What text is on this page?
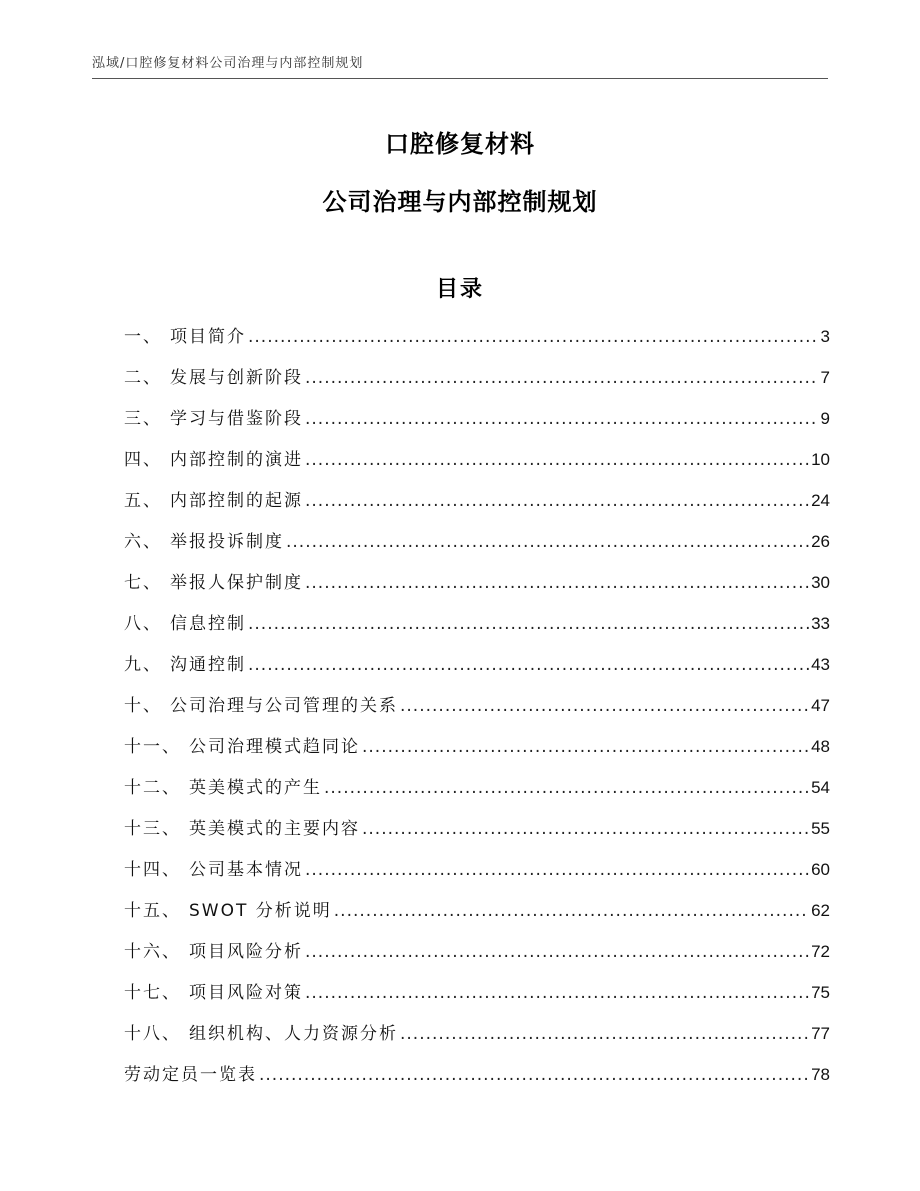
泓域/口腔修复材料公司治理与内部控制规划
口腔修复材料
公司治理与内部控制规划
目录
一、 项目简介 .....	3
二、 发展与创新阶段 .....	7
三、 学习与借鉴阶段 .....	9
四、 内部控制的演进 .....	10
五、 内部控制的起源 .....	24
六、 举报投诉制度 .....	26
七、 举报人保护制度 .....	30
八、 信息控制 .....	33
九、 沟通控制 .....	43
十、 公司治理与公司管理的关系 .....	47
十一、 公司治理模式趋同论 .....	48
十二、 英美模式的产生 .....	54
十三、 英美模式的主要内容 .....	55
十四、 公司基本情况 .....	60
十五、 SWOT 分析说明 .....	62
十六、 项目风险分析 .....	72
十七、 项目风险对策 .....	75
十八、 组织机构、人力资源分析 .....	77
劳动定员一览表 .....	78
